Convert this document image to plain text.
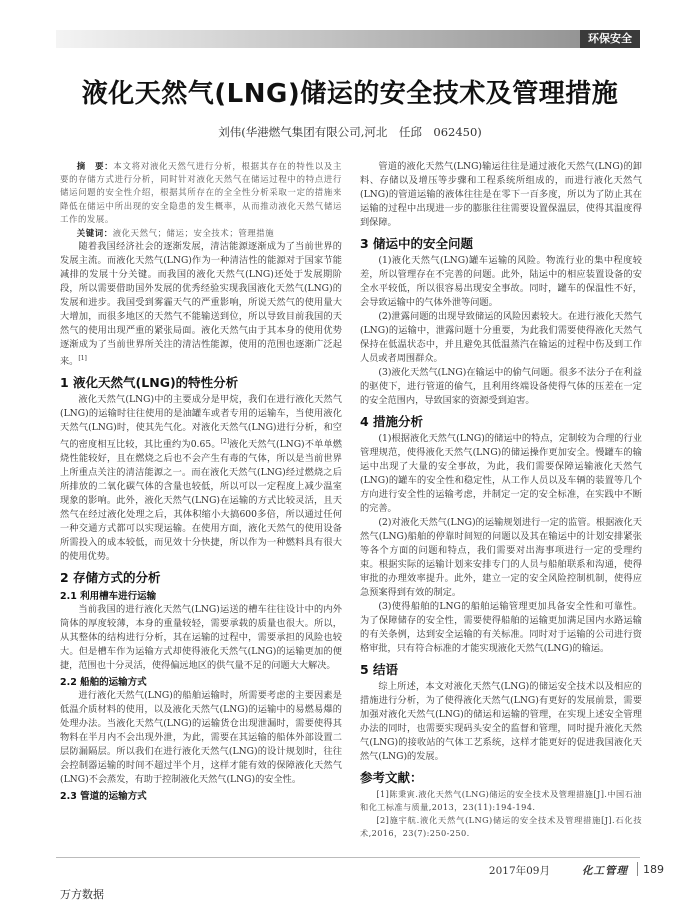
环保安全
液化天然气(LNG)储运的安全技术及管理措施
刘伟(华港燃气集团有限公司,河北　任邱　062450)

摘　要：本文将对液化天然气进行分析，根据其存在的特性以及主要的存储方式进行分析，同时针对液化天然气在储运过程中的特点进行储运问题的安全性介绍，根据其所存在的全全性分析采取一定的措施来降低在储运中所出现的安全隐患的发生概率，从而推动液化天然气储运工作的发展。

关键词：液化天然气；储运；安全技术；管理措施

随着我国经济社会的逐渐发展，清洁能源逐渐成为了当前世界的发展主流。而液化天然气(LNG)作为一种清洁性的能源对于国家节能减排的发展十分关键。而我国的液化天然气(LNG)还处于发展期阶段，所以需要借助国外发展的优秀经验实现我国液化天然气(LNG)的发展和进步。我国受到雾霾天气的严重影响，所说天然气的使用量大大增加，而很多地区的天然气不能输送到位，所以导致目前我国的天然气的使用出现严重的紧张局面。液化天然气由于其本身的使用优势逐渐成为了当前世界所关注的清洁性能源，使用的范围也逐渐广泛起来。[1]

1 液化天然气(LNG)的特性分析

液化天然气(LNG)中的主要成分是甲烷，我们在进行液化天然气(LNG)的运输时往往使用的是油罐车或者专用的运输车，当使用液化天然气(LNG)时，使其先气化。对液化天然气(LNG)进行分析，和空气的密度相互比较，其比重约为0.65。[2]液化天然气(LNG)不单单燃烧性能较好，且在燃烧之后也不会产生有毒的气体，所以是当前世界上所重点关注的清洁能源之一。而在液化天然气(LNG)经过燃烧之后所排放的二氧化碳气体的含量也较低，所以可以一定程度上减少温室现象的影响。此外，液化天然气(LNG)在运输的方式比较灵活，且天然气在经过液化处理之后，其体积缩小大搞600多倍，所以通过任何一种交通方式都可以实现运输。在使用方面，液化天然气的使用设备所需投入的成本较低，而见效十分快捷，所以作为一种燃料具有很大的使用优势。

2 存储方式的分析
2.1 利用槽车进行运输

当前我国的进行液化天然气(LNG)运送的槽车往往设计中的内外筒体的厚度较薄，本身的重量较轻，需要承载的质量也很大。所以，从其整体的结构进行分析，其在运输的过程中，需要承担的风险也较大。但是槽车作为运输方式却使得液化天然气(LNG)的运输更加的便捷，范围也十分灵活，使得偏远地区的供气量不足的问题大大解决。

2.2 船舶的运输方式

进行液化天然气(LNG)的船舶运输时，所需要考虑的主要因素是低温介质材料的使用，以及液化天然气(LNG)的运输中的易燃易爆的处理办法。当液化天然气(LNG)的运输货仓出现泄漏时，需要使得其物料在半月内不会出现外泄，为此，需要在其运输的船体外部设置二层防漏隔层。所以我们在进行液化天然气(LNG)的设计规划时，往往会控制器运输的时间不超过半个月，这样才能有效的保障液化天然气(LNG)不会蒸发，有助于控制液化天然气(LNG)的安全性。

2.3 管道的运输方式

管道的液化天然气(LNG)输运往往是通过液化天然气(LNG)的卸料、存储以及增压等步骤和工程系统所组成的，而进行液化天然气(LNG)的管道运输的液体往往是在零下一百多度，所以为了防止其在运输的过程中出现进一步的膨胀往往需要设置保温层，使得其温度得到保障。

3 储运中的安全问题

(1)液化天然气(LNG)罐车运输的风险。物流行业的集中程度较差，所以管理存在不完善的问题。此外，陆运中的相应装置设备的安全水平较低，所以很容易出现安全事故。同时，罐车的保温性不好，会导致运输中的气体外泄等问题。

(2)泄露问题的出现导致储运的风险因素较大。在进行液化天然气(LNG)的运输中，泄露问题十分重要，为此我们需要使得液化天然气保持在低温状态中，并且避免其低温蒸汽在输运的过程中伤及到工作人员或者周围群众。

(3)液化天然气(LNG)在输运中的偷气问题。很多不法分子在利益的驱使下，进行管道的偷气，且利用终端设备使得气体的压差在一定的安全范围内，导致国家的资源受到迫害。

4 措施分析

(1)根据液化天然气(LNG)的储运中的特点，定制较为合理的行业管理规范，使得液化天然气(LNG)的储运操作更加安全。慢罐车的输运中出现了大量的安全事故，为此，我们需要保障运输液化天然气(LNG)的罐车的安全性和稳定性，从工作人员以及车辆的装置等几个方向进行安全性的运输考虑，并制定一定的安全标准，在实践中不断的完善。

(2)对液化天然气(LNG)的运输规划进行一定的监管。根据液化天然气(LNG)船舶的停靠时间短的问题以及其在输运中的计划安排紧张等各个方面的问题和特点，我们需要对出海事项进行一定的受理约束。根据实际的运输计划来安排专门的人员与船舶联系和沟通，使得审批的办理效率提升。此外，建立一定的安全风险控制机制，使得应急预案得到有效的制定。

(3)使得船舶的LNG的船舶运输管理更加具备安全性和可靠性。为了保障储存的安全性，需要使得船舶的运输更加满足国内水路运输的有关条例，达到安全运输的有关标准。同时对于运输的公司进行资格审批，只有符合标准的才能实现液化天然气(LNG)的输运。

5 结语

综上所述，本文对液化天然气(LNG)的储运安全技术以及相应的措施进行分析，为了使得液化天然气(LNG)有更好的发展前景，需要加强对液化天然气(LNG)的储运和运输的管理，在实现上述安全管理办法的同时，也需要实现码头安全的监督和管理，同时提升液化天然气(LNG)的接收站的气体工艺系统，这样才能更好的促进我国液化天然气(LNG)的发展。

参考文献：

[1]陈秉寅.液化天然气(LNG)储运的安全技术及管理措施[J].中国石油和化工标准与质量,2013，23(11):194-194.

[2]施宇航.液化天然气(LNG)储运的安全技术及管理措施[J].石化技术,2016，23(7):250-250.

2017年09月	189
万方数据
化工管理
